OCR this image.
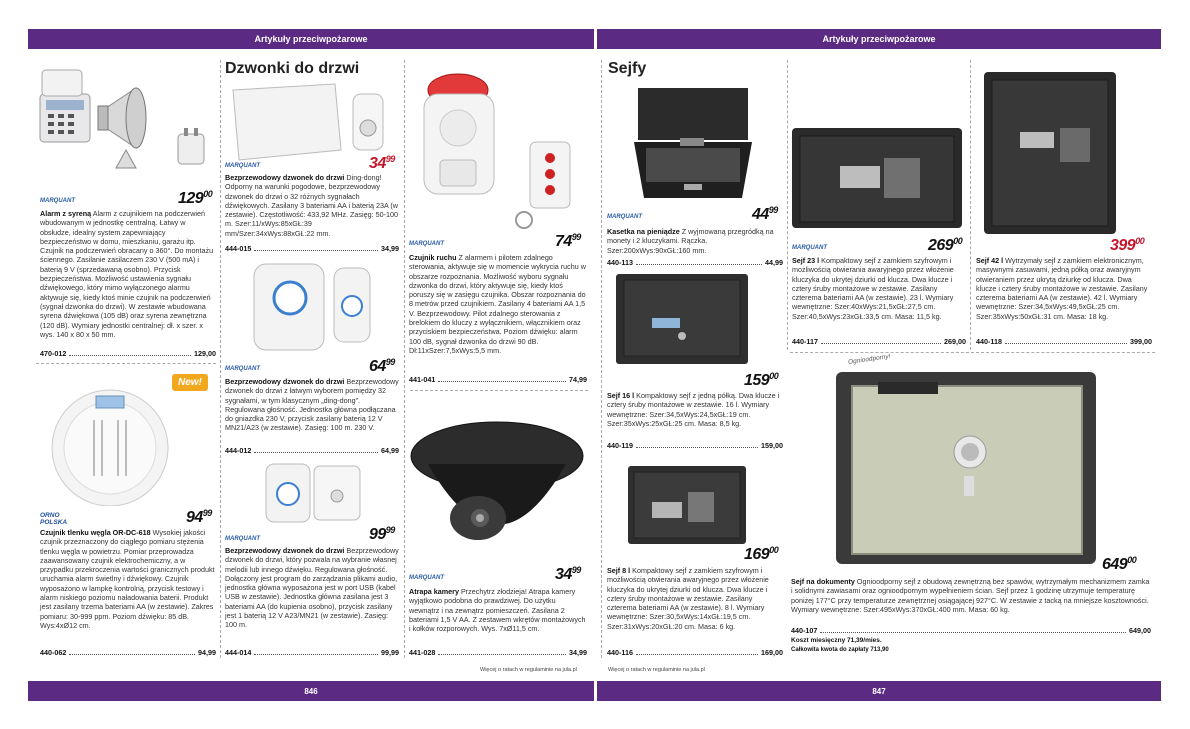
Artykuły przeciwpożarowe	Artykuły przeciwpożarowe
MARQUANT	$129^{00}$
Alarm z syreną Alarm z czujnikiem na podczerwień wbudowanym w jednostkę centralną. Łatwy w obsłudze, idealny system zapewniający bezpieczeństwo w domu, mieszkaniu, garażu itp. Czujnik na podczerwień obracany o 360°. Do montażu ściennego. Zasilanie zasilaczem 230 V (500 mA) i baterią 9 V (sprzedawaną osobno). Przycisk bezpieczeństwa. Możliwość ustawienia sygnału dźwiękowego, który mimo wyłączonego alarmu aktywuje się, kiedy ktoś minie czujnik na podczerwień (sygnał dzwonka do drzwi). W zestawie wbudowana syrena dźwiękowa (105 dB) oraz syrena zewnętrzna (120 dB). Wymiary jednostki centralnej: dł. x szer. x wys. 140 x 80 x 50 mm.
470-012	129,00
New!
ORNO POLSKA	$94^{99}$
Czujnik tlenku węgla OR-DC-618 Wysokiej jakości czujnik przeznaczony do ciągłego pomiaru stężenia tlenku węgla w powietrzu. Pomiar przeprowadza zaawansowany czujnik elektrochemiczny, a w przypadku przekroczenia wartości granicznych produkt uruchamia alarm świetlny i dźwiękowy. Czujnik wyposażono w lampkę kontrolną, przycisk testowy i alarm niskiego poziomu naładowania baterii. Produkt jest zasilany trzema bateriami AA (w zestawie). Zakres pomiaru: 30-999 ppm. Poziom dźwięku: 85 dB. Wys:4xØ12 cm.
440-062	94,99
Dzwonki do drzwi
MARQUANT	$34^{99}$
Bezprzewodowy dzwonek do drzwi Ding-dong! Odporny na warunki pogodowe, bezprzewodowy dzwonek do drzwi o 32 różnych sygnałach dźwiękowych. Zasilany 3 bateriami AA i baterią 23A (w zestawie). Częstotliwość: 433,92 MHz. Zasięg: 50-100 m. Szer:11/xWys:85xGŁ:39 mm/Szer:34xWys:88xGŁ:22 mm.
444-015	34,99
MARQUANT	$64^{99}$
Bezprzewodowy dzwonek do drzwi Bezprzewodowy dzwonek do drzwi z łatwym wyborem pomiędzy 32 sygnałami, w tym klasycznym „ding-dong”. Regulowana głośność. Jednostka główna podłączana do gniazdka 230 V, przycisk zasilany baterią 12 V MN21/A23 (w zestawie). Zasięg: 100 m. 230 V.
444-012	64,99
MARQUANT	$99^{99}$
Bezprzewodowy dzwonek do drzwi Bezprzewodowy dzwonek do drzwi, który pozwala na wybranie własnej melodii lub innego dźwięku. Regulowana głośność. Dołączony jest program do zarządzania plikami audio, jednostka główna wyposażona jest w port USB (kabel USB w zestawie). Jednostka główna zasilana jest 3 bateriami AA (do kupienia osobno), przycisk zasilany jest 1 baterią 12 V A23/MN21 (w zestawie). Zasięg: 100 m.
444-014	99,99
MARQUANT	$74^{99}$
Czujnik ruchu Z alarmem i pilotem zdalnego sterowania, aktywuje się w momencie wykrycia ruchu w obszarze rozpoznania. Możliwość wyboru sygnału dzwonka do drzwi, który aktywuje się, kiedy ktoś poruszy się w zasięgu czujnika. Obszar rozpoznania do 8 metrów przed czujnikiem. Zasilany 4 bateriami AA 1,5 V. Bezprzewodowy. Pilot zdalnego sterowania z brelokiem do kluczy z wyłącznikiem, włącznikiem oraz przyciskiem bezpieczeństwa. Poziom dźwięku: alarm 100 dB, sygnał dzwonka do drzwi 90 dB. Dł:11xSzer:7,5xWys:5,5 mm.
441-041	74,99
MARQUANT	$34^{99}$
Atrapa kamery Przechytrz złodzieja! Atrapa kamery wyjątkowo podobna do prawdziwej. Do użytku wewnątrz i na zewnątrz pomieszczeń. Zasilana 2 bateriami 1,5 V AA. Z zestawem wkrętów montażowych i kołków rozporowych. Wys. 7xØ11,5 cm.
441-028	34,99
Więcej o ratach w regulaminie na jula.pl
Sejfy
MARQUANT	$44^{99}$
Kasetka na pieniądze Z wyjmowaną przegródką na monety i 2 kluczykami. Rączka. Szer:200xWys:90xGŁ:160 mm.
440-113	44,99
$159^{00}$
Sejf 16 l Kompaktowy sejf z jedną półką. Dwa klucze i cztery śruby montażowe w zestawie. 16 l. Wymiary wewnętrzne: Szer:34,5xWys:24,5xGŁ:19 cm. Szer:35xWys:25xGŁ:25 cm. Masa: 8,5 kg.
440-119	159,00
$169^{00}$
Sejf 8 l Kompaktowy sejf z zamkiem szyfrowym i możliwością otwierania awaryjnego przez włożenie kluczyka do ukrytej dziurki od klucza. Dwa klucze i cztery śruby montażowe w zestawie. Zasilany czterema bateriami AA (w zestawie). 8 l. Wymiary wewnętrzne: Szer:30,5xWys:14xGŁ:19,5 cm. Szer:31xWys:20xGŁ:20 cm. Masa: 6 kg.
440-116	169,00
Więcej o ratach w regulaminie na jula.pl
MARQUANT	$269^{00}$
Sejf 23 l Kompaktowy sejf z zamkiem szyfrowym i możliwością otwierania awaryjnego przez włożenie kluczyka do ukrytej dziurki od klucza. Dwa klucze i cztery śruby montażowe w zestawie. Zasilany czterema bateriami AA (w zestawie). 23 l. Wymiary wewnętrzne: Szer:40xWys:21,5xGŁ:27,5 cm. Szer:40,5xWys:23xGŁ:33,5 cm. Masa: 11,5 kg.
440-117	269,00
$399^{00}$
Sejf 42 l Wytrzymały sejf z zamkiem elektronicznym, masywnymi zasuwami, jedną półką oraz awaryjnym otwieraniem przez ukrytą dziurkę od klucza. Dwa klucze i cztery śruby montażowe w zestawie. Zasilany czterema bateriami AA (w zestawie). 42 l. Wymiary wewnętrzne: Szer:34,5xWys:49,5xGŁ:25 cm. Szer:35xWys:50xGŁ:31 cm. Masa: 18 kg.
440-118	399,00
Ognioodporny!
$649^{00}$
Sejf na dokumenty Ognioodporny sejf z obudową zewnętrzną bez spawów, wytrzymałym mechanizmem zamka i solidnymi zawiasami oraz ognioodpornym wypełnieniem ścian. Sejf przez 1 godzinę utrzymuje temperaturę poniżej 177°C przy temperaturze zewnętrznej osiągającej 927°C. W zestawie z tacką na mniejsze kosztowności. Wymiary wewnętrzne: Szer:495xWys:370xGŁ:400 mm. Masa: 60 kg.
440-107	649,00
Koszt miesięczny 71,39/mies.
Całkowita kwota do zapłaty 713,90
846	847
